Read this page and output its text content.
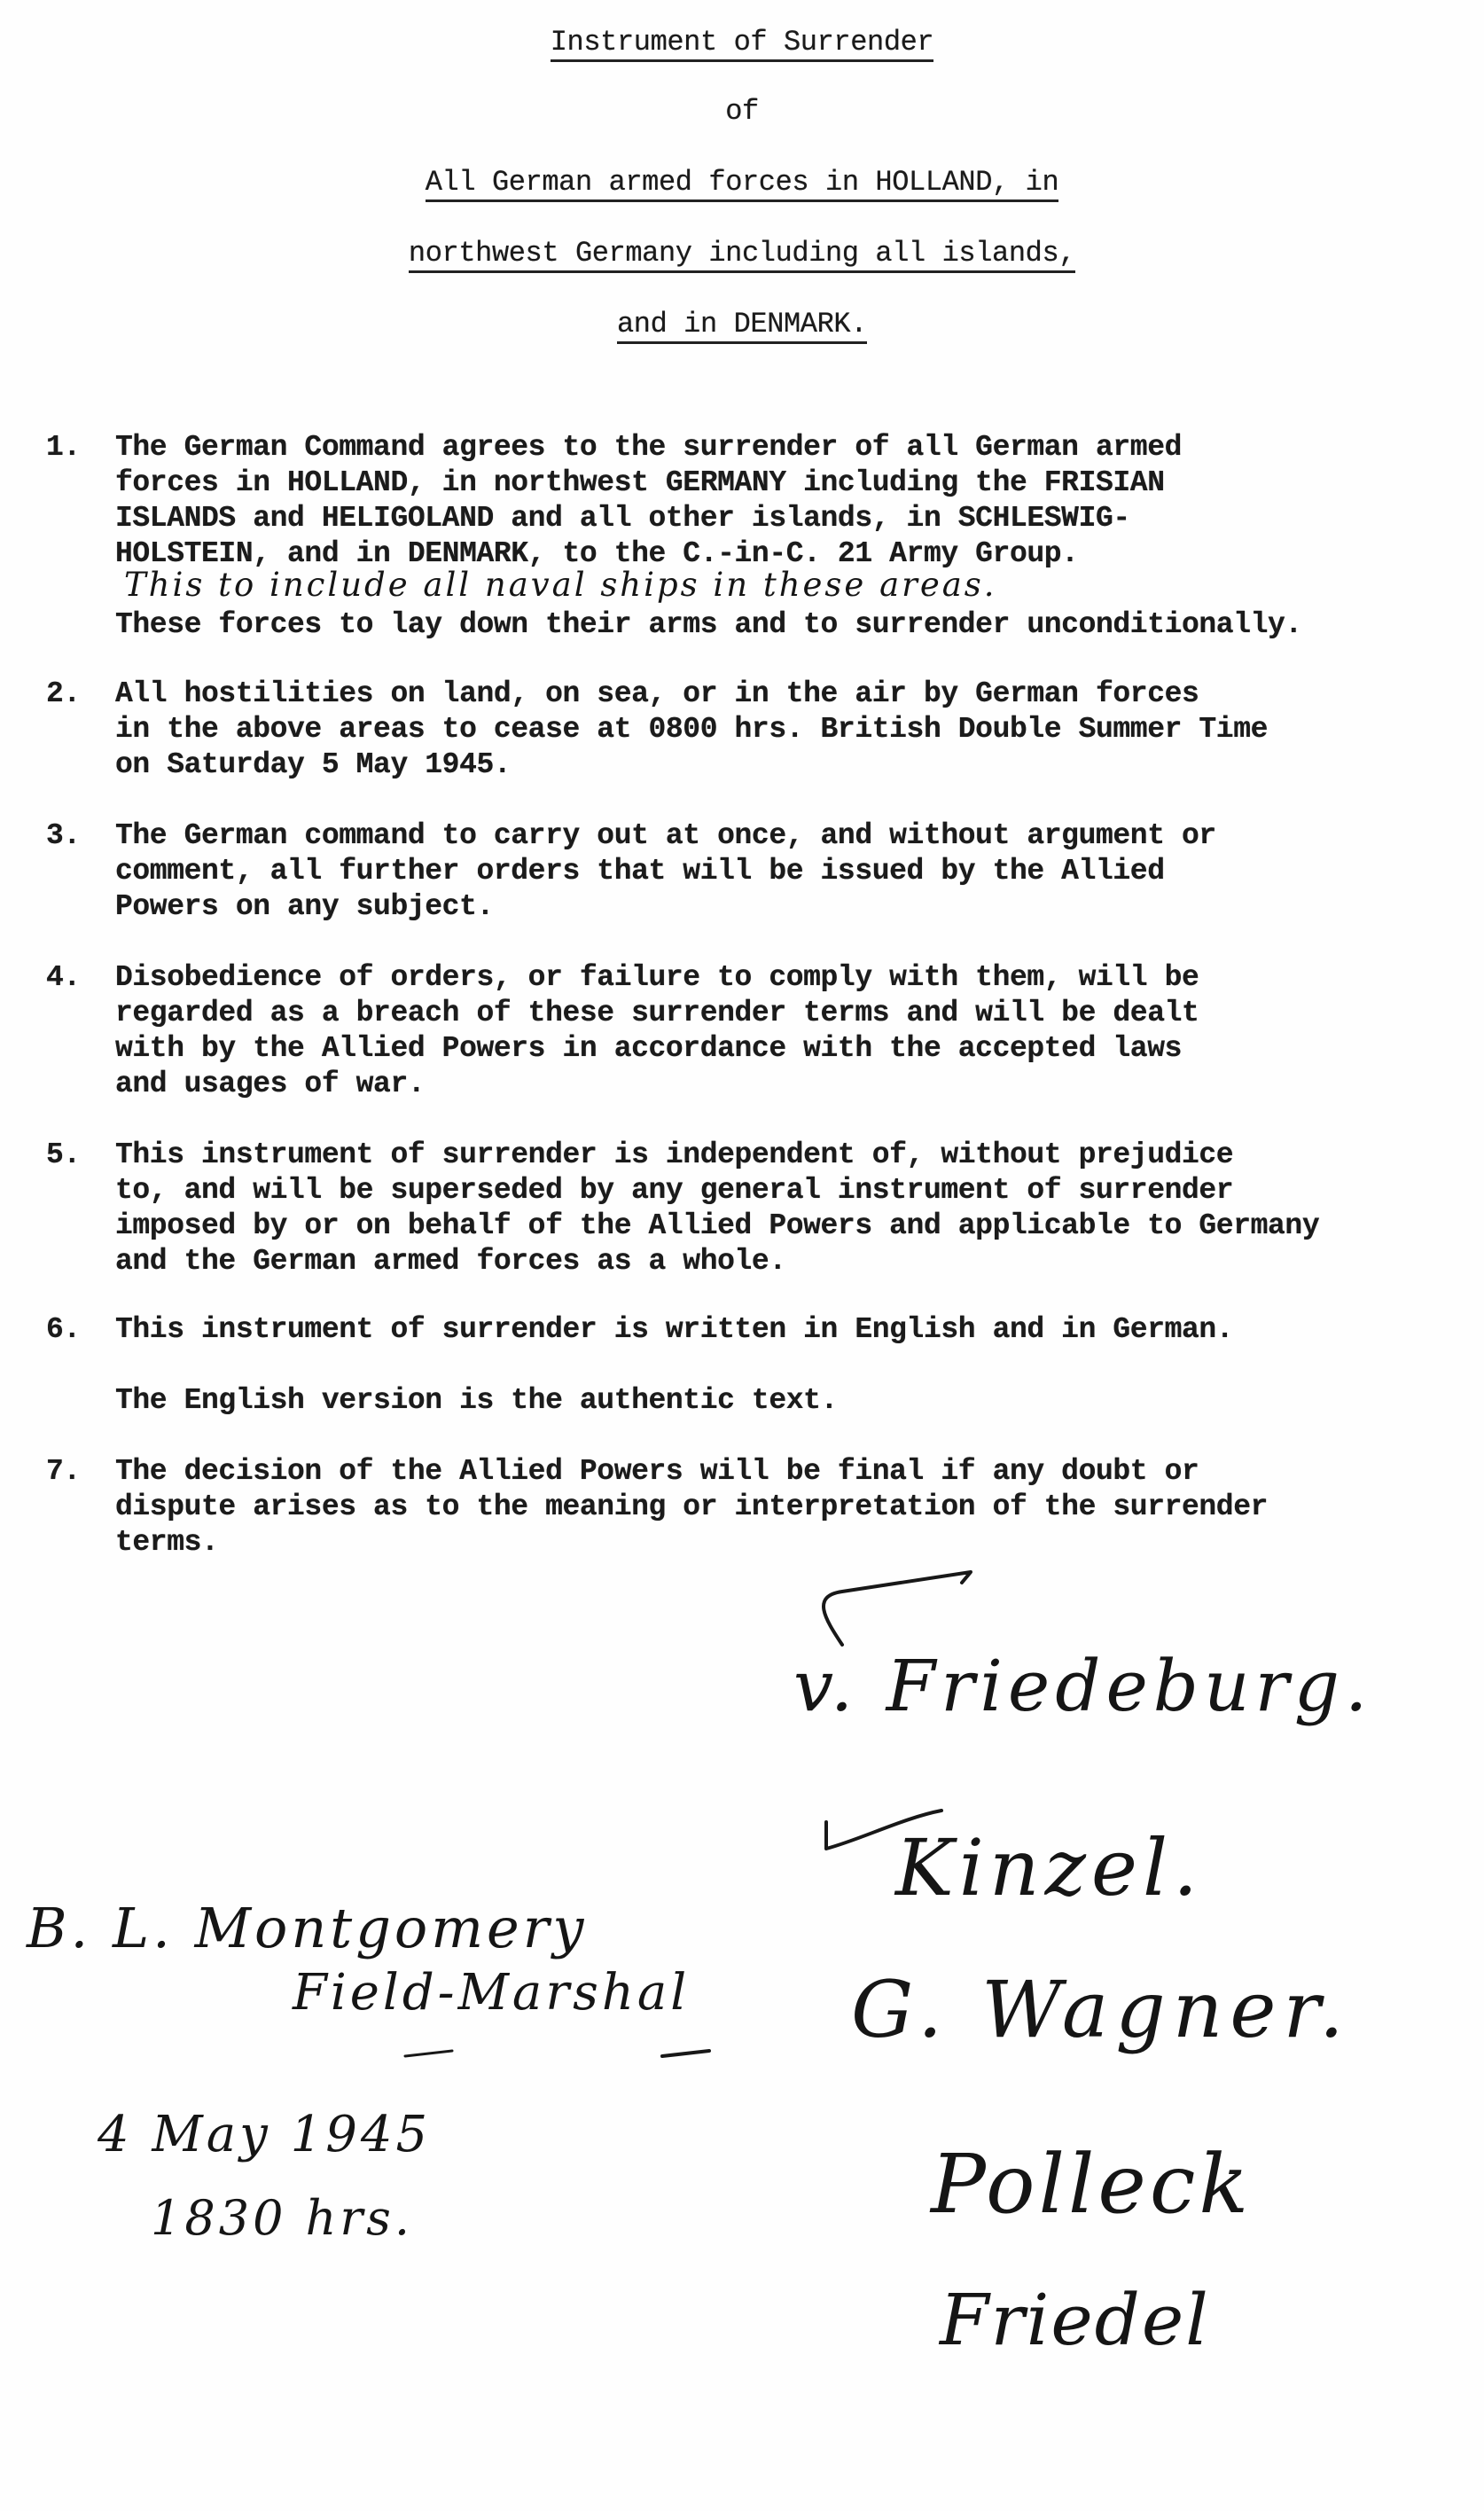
Instrument of Surrender
of
All German armed forces in HOLLAND, in
northwest Germany including all islands,
and in DENMARK.
1. The German Command agrees to the surrender of all German armed
forces in HOLLAND, in northwest GERMANY including the FRISIAN
ISLANDS and HELIGOLAND and all other islands, in SCHLESWIG-
HOLSTEIN, and in DENMARK, to the C.-in-C. 21 Army Group.
This to include all naval ships in these areas.
These forces to lay down their arms and to surrender unconditionally.
2. All hostilities on land, on sea, or in the air by German forces
in the above areas to cease at 0800 hrs. British Double Summer Time
on Saturday 5 May 1945.
3. The German command to carry out at once, and without argument or
comment, all further orders that will be issued by the Allied
Powers on any subject.
4. Disobedience of orders, or failure to comply with them, will be
regarded as a breach of these surrender terms and will be dealt
with by the Allied Powers in accordance with the accepted laws
and usages of war.
5. This instrument of surrender is independent of, without prejudice
to, and will be superseded by any general instrument of surrender
imposed by or on behalf of the Allied Powers and applicable to Germany
and the German armed forces as a whole.
6. This instrument of surrender is written in English and in German.
The English version is the authentic text.
7. The decision of the Allied Powers will be final if any doubt or
dispute arises as to the meaning or interpretation of the surrender
terms.
B. L. Montgomery
Field-Marshal
4 May 1945
1830 hrs.
v. Friedeburg.
Kinzel.
G. Wagner.
Polleck
Friedel
